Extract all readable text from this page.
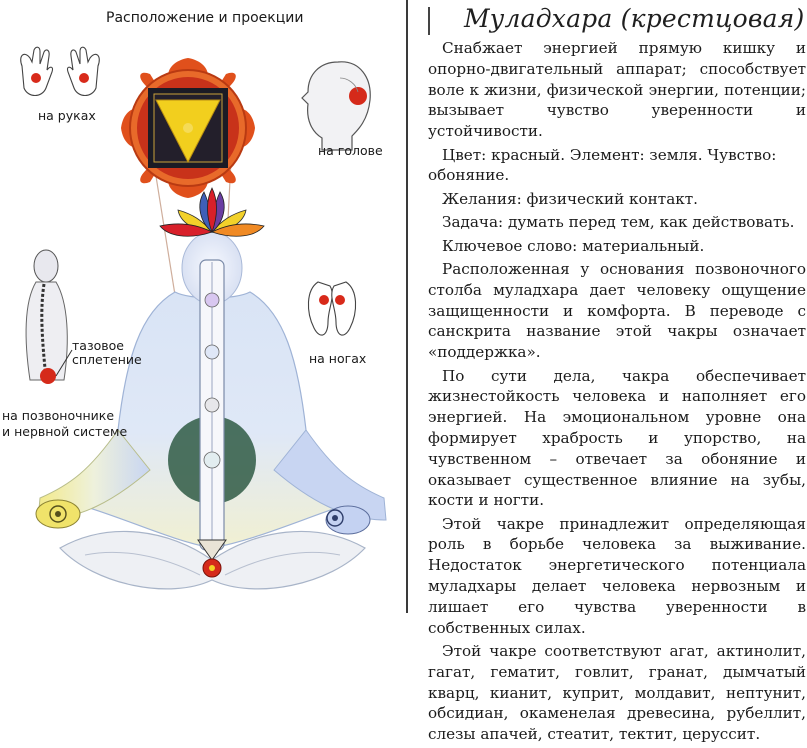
Расположение и проекции
на руках
на голове
тазовое
сплетение	на ногах
на позвоночнике
и нервной системе
Муладхара (крестцовая)

Снабжает энергией прямую кишку и опорно-двигательный аппарат; способствует воле к жизни, физической энергии, потенции; вызывает чувство уверенности и устойчивости.

Цвет: красный. Элемент: земля. Чувство: обоняние.

Желания: физический контакт.

Задача: думать перед тем, как действовать.

Ключевое слово: материальный.

Расположенная у основания позвоночного столба муладхара дает человеку ощущение защищенности и комфорта. В переводе с санскрита название этой чакры означает «поддержка».

По сути дела, чакра обеспечивает жизнестойкость человека и наполняет его энергией. На эмоциональном уровне она формирует храбрость и упорство, на чувственном – отвечает за обоняние и оказывает существенное влияние на зубы, кости и ногти.

Этой чакре принадлежит определяющая роль в борьбе человека за выживание. Недостаток энергетического потенциала муладхары делает человека нервозным и лишает его чувства уверенности в собственных силах.

Этой чакре соответствуют агат, актинолит, гагат, гематит, говлит, гранат, дымчатый кварц, кианит, куприт, молдавит, нептунит, обсидиан, окаменелая древесина, рубеллит, слезы апачей, стеатит, тектит, церуссит.
